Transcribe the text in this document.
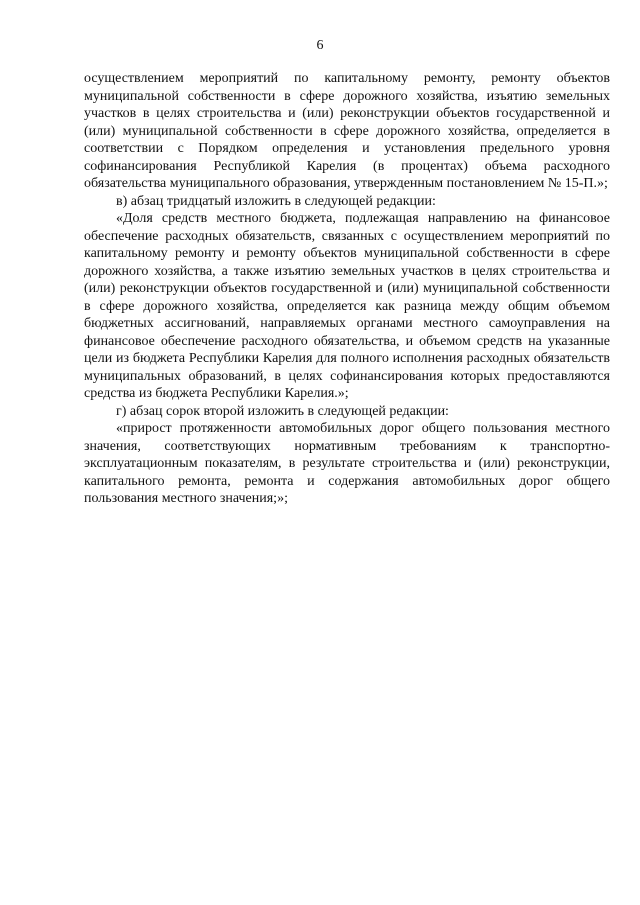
6

осуществлением мероприятий по капитальному ремонту, ремонту объектов муниципальной собственности в сфере дорожного хозяйства, изъятию земельных участков в целях строительства и (или) реконструкции объектов государственной и (или) муниципальной собственности в сфере дорожного хозяйства, определяется в соответствии с Порядком определения и установления предельного уровня софинансирования Республикой Карелия (в процентах) объема расходного обязательства муниципального образования, утвержденным постановлением № 15-П.»;

в) абзац тридцатый изложить в следующей редакции:

«Доля средств местного бюджета, подлежащая направлению на финансовое обеспечение расходных обязательств, связанных с осуществлением мероприятий по капитальному ремонту и ремонту объектов муниципальной собственности в сфере дорожного хозяйства, а также изъятию земельных участков в целях строительства и (или) реконструкции объектов государственной и (или) муниципальной собственности в сфере дорожного хозяйства, определяется как разница между общим объемом бюджетных ассигнований, направляемых органами местного самоуправления на финансовое обеспечение расходного обязательства, и объемом средств на указанные цели из бюджета Республики Карелия для полного исполнения расходных обязательств муниципальных образований, в целях софинансирования которых предоставляются средства из бюджета Республики Карелия.»;

г) абзац сорок второй изложить в следующей редакции:

«прирост протяженности автомобильных дорог общего пользования местного значения, соответствующих нормативным требованиям к транспортно-эксплуатационным показателям, в результате строительства и (или) реконструкции, капитального ремонта, ремонта и содержания автомобильных дорог общего пользования местного значения;»;
